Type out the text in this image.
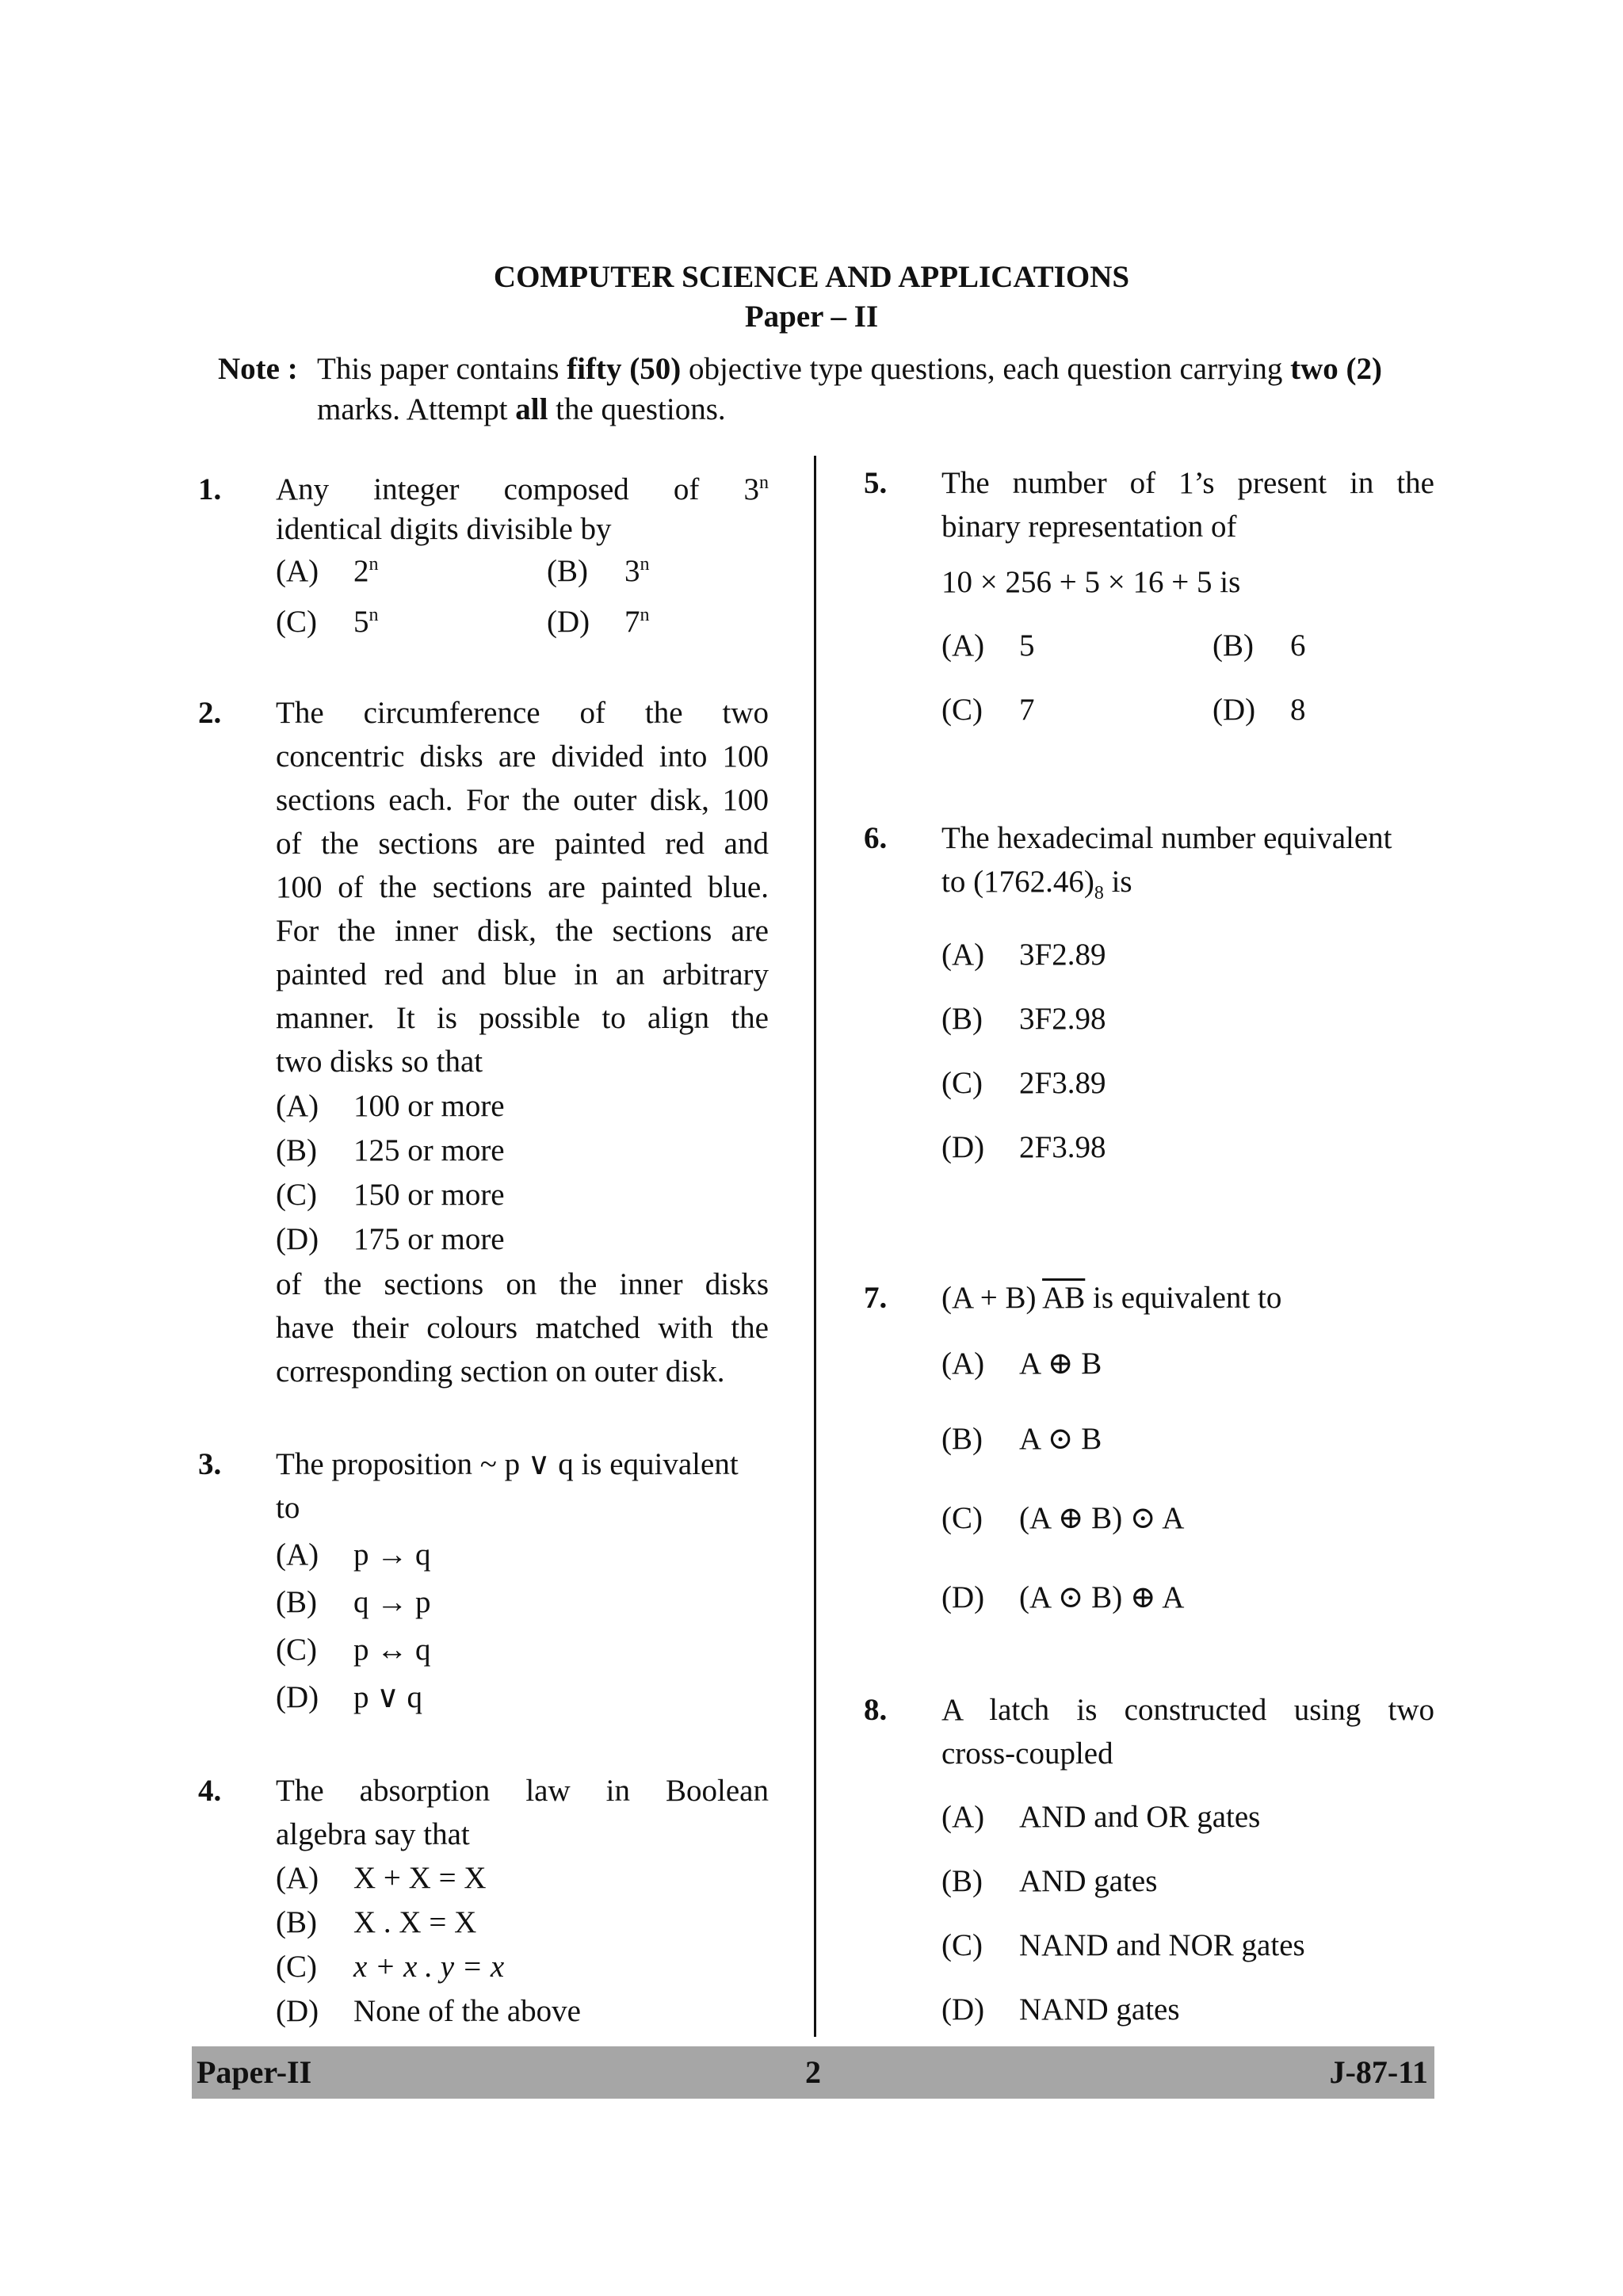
COMPUTER SCIENCE AND APPLICATIONS
Paper – II
Note : This paper contains fifty (50) objective type questions, each question carrying two (2) marks. Attempt all the questions.
1. Any integer composed of 3$^n$
identical digits divisible by
(A) 2$^n$	(B) 3$^n$
(C) 5$^n$	(D) 7$^n$
2. The circumference of the two
concentric disks are divided into 100
sections each. For the outer disk, 100
of the sections are painted red and
100 of the sections are painted blue.
For the inner disk, the sections are
painted red and blue in an arbitrary
manner. It is possible to align the
two disks so that
(A) 100 or more
(B) 125 or more
(C) 150 or more
(D) 175 or more
of the sections on the inner disks
have their colours matched with the
corresponding section on outer disk.
3. The proposition ~ p ∨ q is equivalent
to
(A) p → q
(B) q → p
(C) p ↔ q
(D) p ∨ q
4. The absorption law in Boolean
algebra say that
(A) X + X = X
(B) X . X = X
(C) x + x . y = x
(D) None of the above
5. The number of 1’s present in the
binary representation of
10 × 256 + 5 × 16 + 5 is
(A) 5	(B) 6
(C) 7	(D) 8
6. The hexadecimal number equivalent
to $(1762.46)_8$ is
(A) 3F2.89
(B) 3F2.98
(C) 2F3.89
(D) 2F3.98
7. (A + B) $\overline{AB}$ is equivalent to
(A) A ⊕ B
(B) A ⊙ B
(C) (A ⊕ B) ⊙ A
(D) (A ⊙ B) ⊕ A
8. A latch is constructed using two
cross-coupled
(A) AND and OR gates
(B) AND gates
(C) NAND and NOR gates
(D) NAND gates
Paper-II	2	J-87-11
